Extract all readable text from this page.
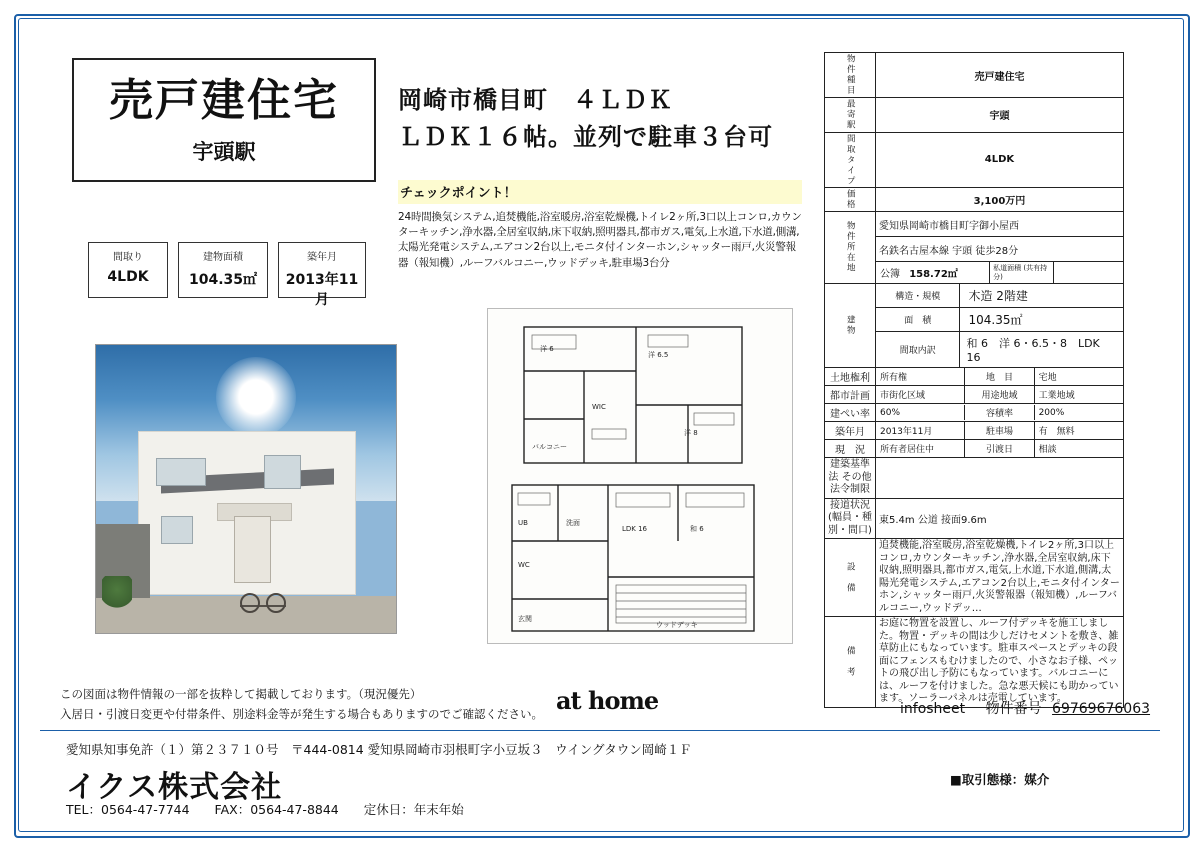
売戸建住宅
宇頭駅
岡崎市橋目町　４ＬＤＫ
ＬＤＫ１６帖。並列で駐車３台可
チェックポイント！
24時間換気システム,追焚機能,浴室暖房,浴室乾燥機,トイレ2ヶ所,3口以上コンロ,カウンターキッチン,浄水器,全居室収納,床下収納,照明器具,都市ガス,電気,上水道,下水道,側溝,太陽光発電システム,エアコン2台以上,モニタ付インターホン,シャッター雨戸,火災警報器（報知機）,ルーフバルコニー,ウッドデッキ,駐車場3台分
間取り
4LDK
建物面積
104.35㎡
築年月
2013年11月
洋 6
洋 6.5
洋 8
WIC
バルコニー
LDK 16	和 6
UB	洗面
WC
玄関
ウッドデッキ
物件種目	売戸建住宅

最寄駅	宇頭

間取タイプ	4LDK

価格	3,100万円

物件所在地	愛知県岡崎市橋目町字御小屋西
名鉄名古屋本線 宇頭 徒歩28分

公簿 158.72㎡	私道面積 (共有持分)	

建物

構造・規模	木造 2階建

面　積	104.35㎡

間取内訳	和 6　洋 6・6.5・8　LDK 16

土地権利	所有権	地　目	宅地

都市計画	市街化区域	用途地域	工業地域

建ぺい率	60%	容積率	200%

築年月	2013年11月	駐車場	有　無料

現　況	所有者居住中	引渡日	相談

建築基準法 その他法令制限	
接道状況 (幅員・種別・間口)	東5.4m 公道 接面9.6m

設　備
	追焚機能,浴室暖房,浴室乾燥機,トイレ2ヶ所,3口以上コンロ,カウンターキッチン,浄水器,全居室収納,床下収納,照明器具,都市ガス,電気,上水道,下水道,側溝,太陽光発電システム,エアコン2台以上,モニタ付インターホン,シャッター雨戸,火災警報器（報知機）,ルーフバルコニー,ウッドデッ…

備　考
	お庭に物置を設置し、ルーフ付デッキを施工しました。物置・デッキの間は少しだけセメントを敷き、雑草防止にもなっています。駐車スペースとデッキの段面にフェンスもむけましたので、小さなお子様、ペットの飛び出し予防にもなっています。バルコニーには、ルーフを付けました。急な悪天候にも助かっています。ソーラーパネルは売電しています。
この図面は物件情報の一部を抜粋して掲載しております。（現況優先）
入居日・引渡日変更や付帯条件、別途料金等が発生する場合もありますのでご確認ください。 at home	infosheet 物件番号 69769676063
愛知県知事免許（１）第２３７１０号　〒444-0814 愛知県岡崎市羽根町字小豆坂３　ウイングタウン岡崎１Ｆ
イクス株式会社
TEL：0564-47-7744　　FAX：0564-47-8844　　定休日：年末年始
■取引態様：媒介
